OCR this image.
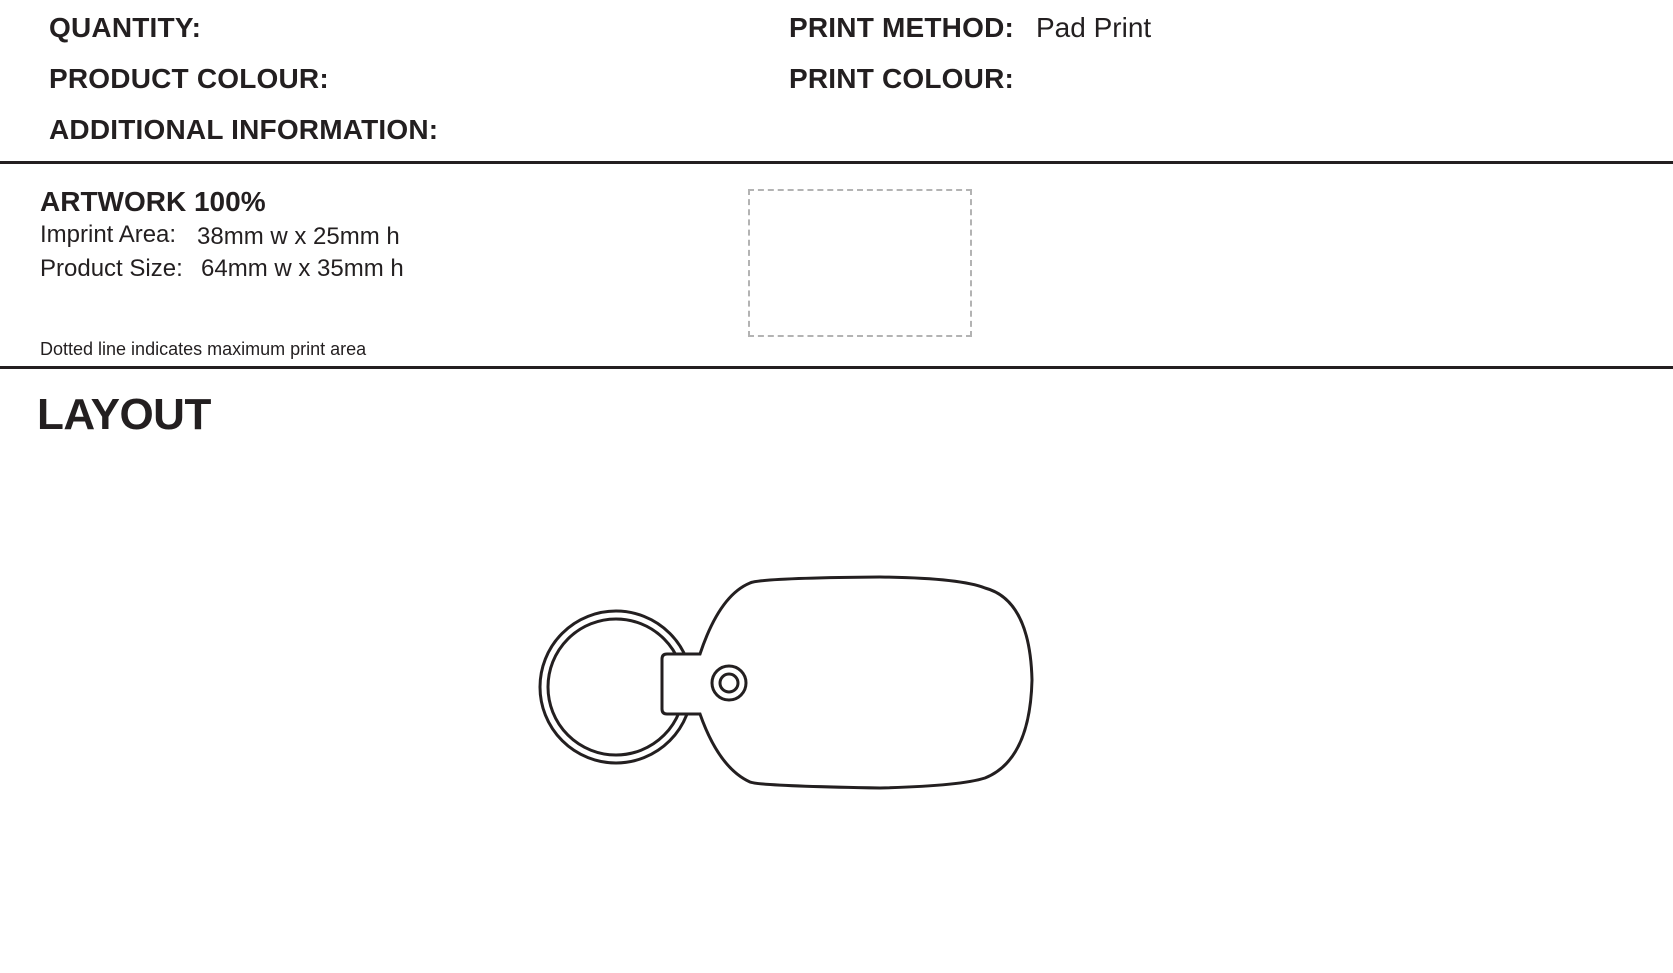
QUANTITY:
PRODUCT COLOUR:
ADDITIONAL INFORMATION:
PRINT METHOD: Pad Print
PRINT COLOUR:
ARTWORK 100%
Imprint Area: 38mm w x 25mm h
Product Size: 64mm w x 35mm h
Dotted line indicates maximum print area
LAYOUT
